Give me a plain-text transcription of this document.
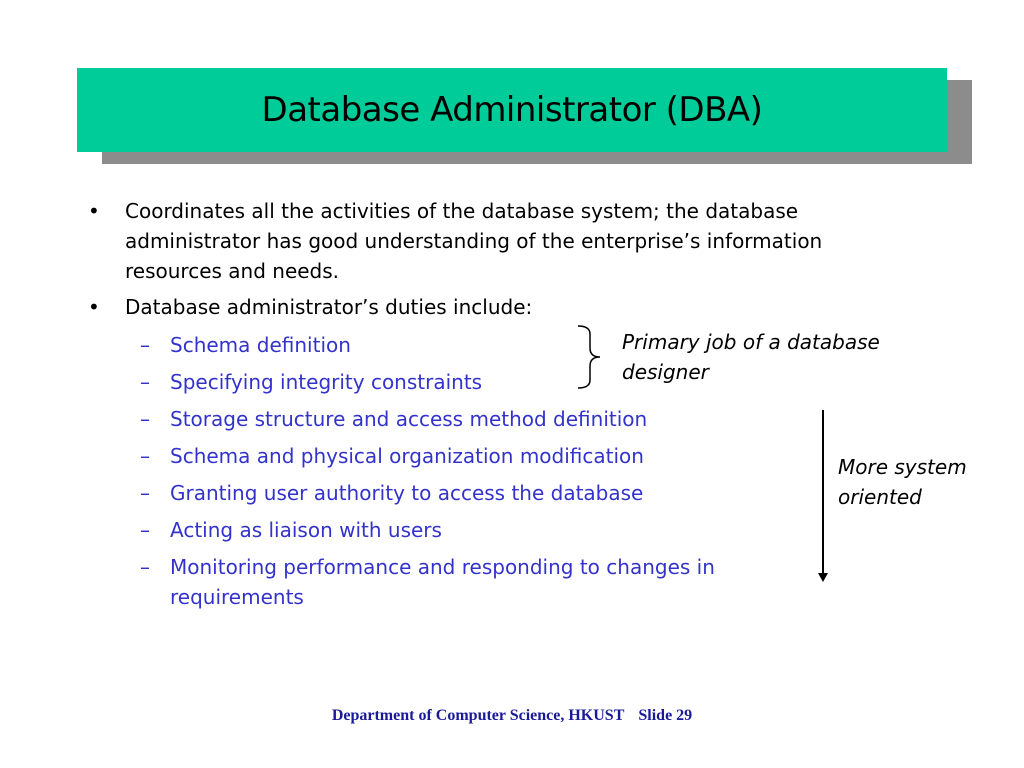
Database Administrator (DBA)
• Coordinates all the activities of the database system; the database
administrator has good understanding of the enterprise’s information
resources and needs.
• Database administrator’s duties include:
– Schema definition
– Specifying integrity constraints
– Storage structure and access method definition
– Schema and physical organization modification
– Granting user authority to access the database
– Acting as liaison with users
– Monitoring performance and responding to changes in
requirements
Primary job of a database
designer
More system
oriented
Department of Computer Science, HKUST Slide 29
